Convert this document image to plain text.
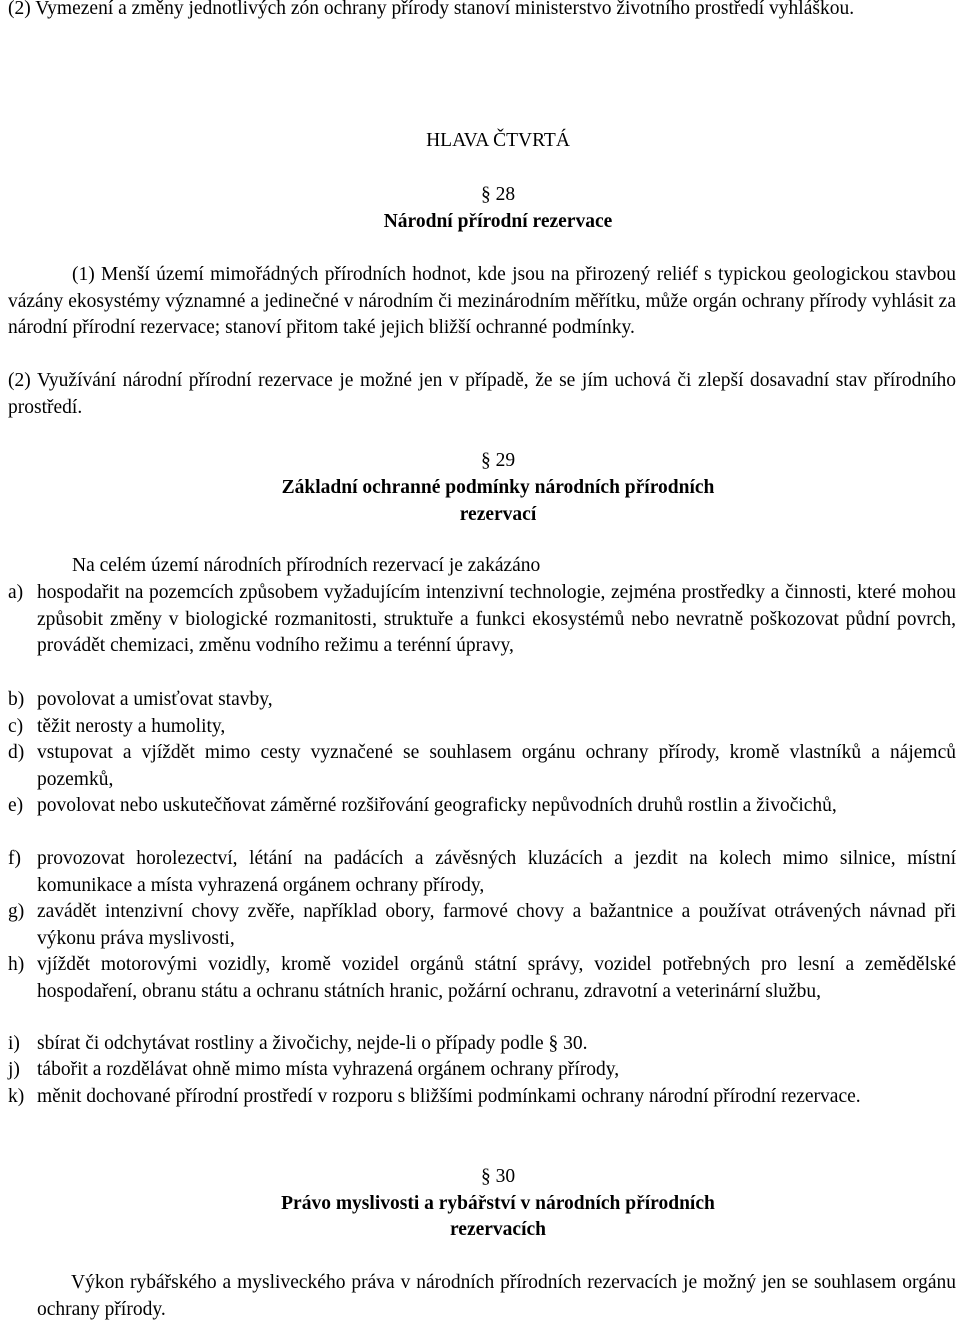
(2) Vymezení a změny jednotlivých zón ochrany přírody stanoví ministerstvo životního prostředí vyhláškou.

HLAVA ČTVRTÁ

§ 28

Národní přírodní rezervace

(1) Menší území mimořádných přírodních hodnot, kde jsou na přirozený reliéf s typickou geologickou stavbou vázány ekosystémy významné a jedinečné v národním či mezinárodním měřítku, může orgán ochrany přírody vyhlásit za národní přírodní rezervace; stanoví přitom také jejich bližší ochranné podmínky.

(2) Využívání národní přírodní rezervace je možné jen v případě, že se jím uchová či zlepší dosavadní stav přírodního prostředí.

§ 29

Základní ochranné podmínky národních přírodních

rezervací

Na celém území národních přírodních rezervací je zakázáno

a) hospodařit na pozemcích způsobem vyžadujícím intenzivní technologie, zejména prostředky a činnosti, které mohou způsobit změny v biologické rozmanitosti, struktuře a funkci ekosystémů nebo nevratně poškozovat půdní povrch, provádět chemizaci, změnu vodního režimu a terénní úpravy,
b) povolovat a umisťovat stavby,
c) těžit nerosty a humolity,
d) vstupovat a vjíždět mimo cesty vyznačené se souhlasem orgánu ochrany přírody, kromě vlastníků a nájemců pozemků,
e) povolovat nebo uskutečňovat záměrné rozšiřování geograficky nepůvodních druhů rostlin a živočichů,
f) provozovat horolezectví, létání na padácích a závěsných kluzácích a jezdit na kolech mimo silnice, místní komunikace a místa vyhrazená orgánem ochrany přírody,
g) zavádět intenzivní chovy zvěře, například obory, farmové chovy a bažantnice a používat otrávených návnad při výkonu práva myslivosti,
h) vjíždět motorovými vozidly, kromě vozidel orgánů státní správy, vozidel potřebných pro lesní a zemědělské hospodaření, obranu státu a ochranu státních hranic, požární ochranu, zdravotní a veterinární službu,
i) sbírat či odchytávat rostliny a živočichy, nejde-li o případy podle § 30.
j) tábořit a rozdělávat ohně mimo místa vyhrazená orgánem ochrany přírody,
k) měnit dochované přírodní prostředí v rozporu s bližšími podmínkami ochrany národní přírodní rezervace.

§ 30

Právo myslivosti a rybářství v národních přírodních

rezervacích

Výkon rybářského a mysliveckého práva v národních přírodních rezervacích je možný jen se souhlasem orgánu ochrany přírody.
